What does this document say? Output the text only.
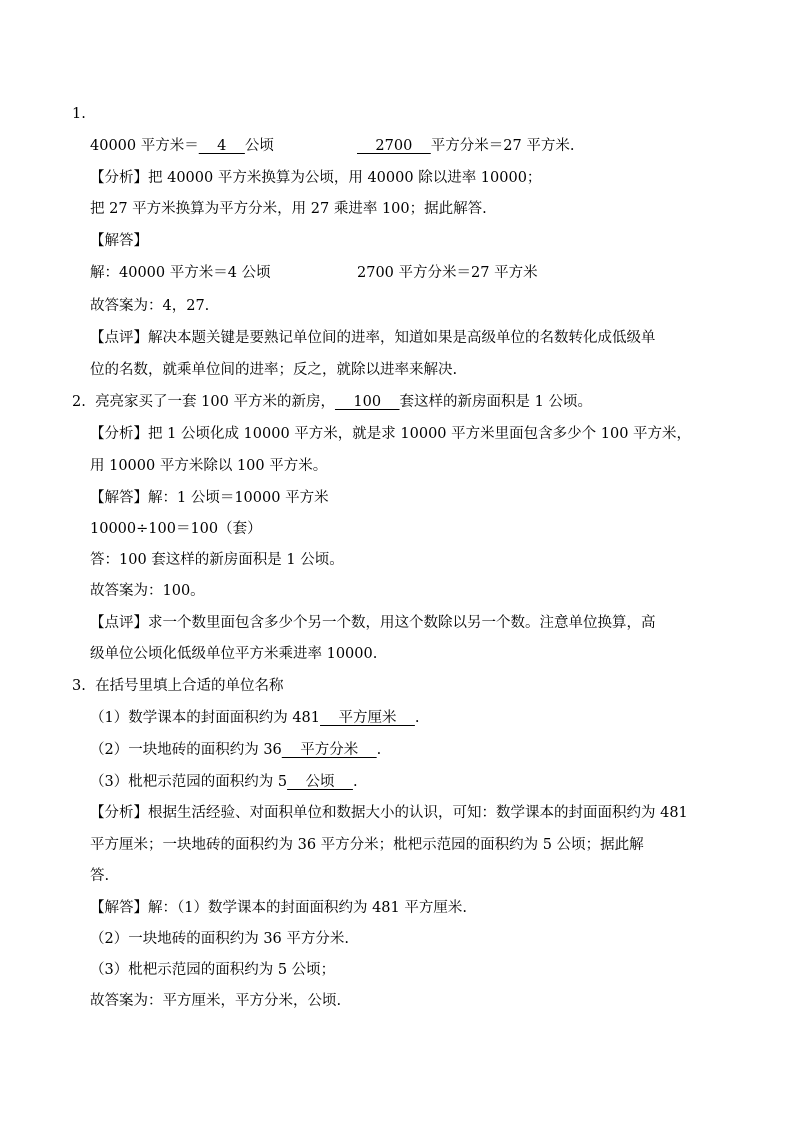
1.
40000 平方米＝    4    公顷	2700    平方分米＝27 平方米.
【分析】把 40000 平方米换算为公顷，用 40000 除以进率 10000；
把 27 平方米换算为平方分米，用 27 乘进率 100；据此解答.
【解答】
解：40000 平方米＝4 公顷	2700 平方分米＝27 平方米
故答案为：4，27.
【点评】解决本题关键是要熟记单位间的进率，知道如果是高级单位的名数转化成低级单
位的名数，就乘单位间的进率；反之，就除以进率来解决.
2. 亮亮家买了一套 100 平方米的新房，    100    套这样的新房面积是 1 公顷。
【分析】把 1 公顷化成 10000 平方米，就是求 10000 平方米里面包含多少个 100 平方米，
用 10000 平方米除以 100 平方米。
【解答】解：1 公顷＝10000 平方米
10000÷100＝100（套）
答：100 套这样的新房面积是 1 公顷。
故答案为：100。
【点评】求一个数里面包含多少个另一个数，用这个数除以另一个数。注意单位换算，高
级单位公顷化低级单位平方米乘进率 10000.
3. 在括号里填上合适的单位名称
（1）数学课本的封面面积约为 481    平方厘米    .
（2）一块地砖的面积约为 36    平方分米    .
（3）枇杷示范园的面积约为 5    公顷    .
【分析】根据生活经验、对面积单位和数据大小的认识，可知：数学课本的封面面积约为 481
平方厘米；一块地砖的面积约为 36 平方分米；枇杷示范园的面积约为 5 公顷；据此解
答.
【解答】解：（1）数学课本的封面面积约为 481 平方厘米.
（2）一块地砖的面积约为 36 平方分米.
（3）枇杷示范园的面积约为 5 公顷；
故答案为：平方厘米，平方分米，公顷.
